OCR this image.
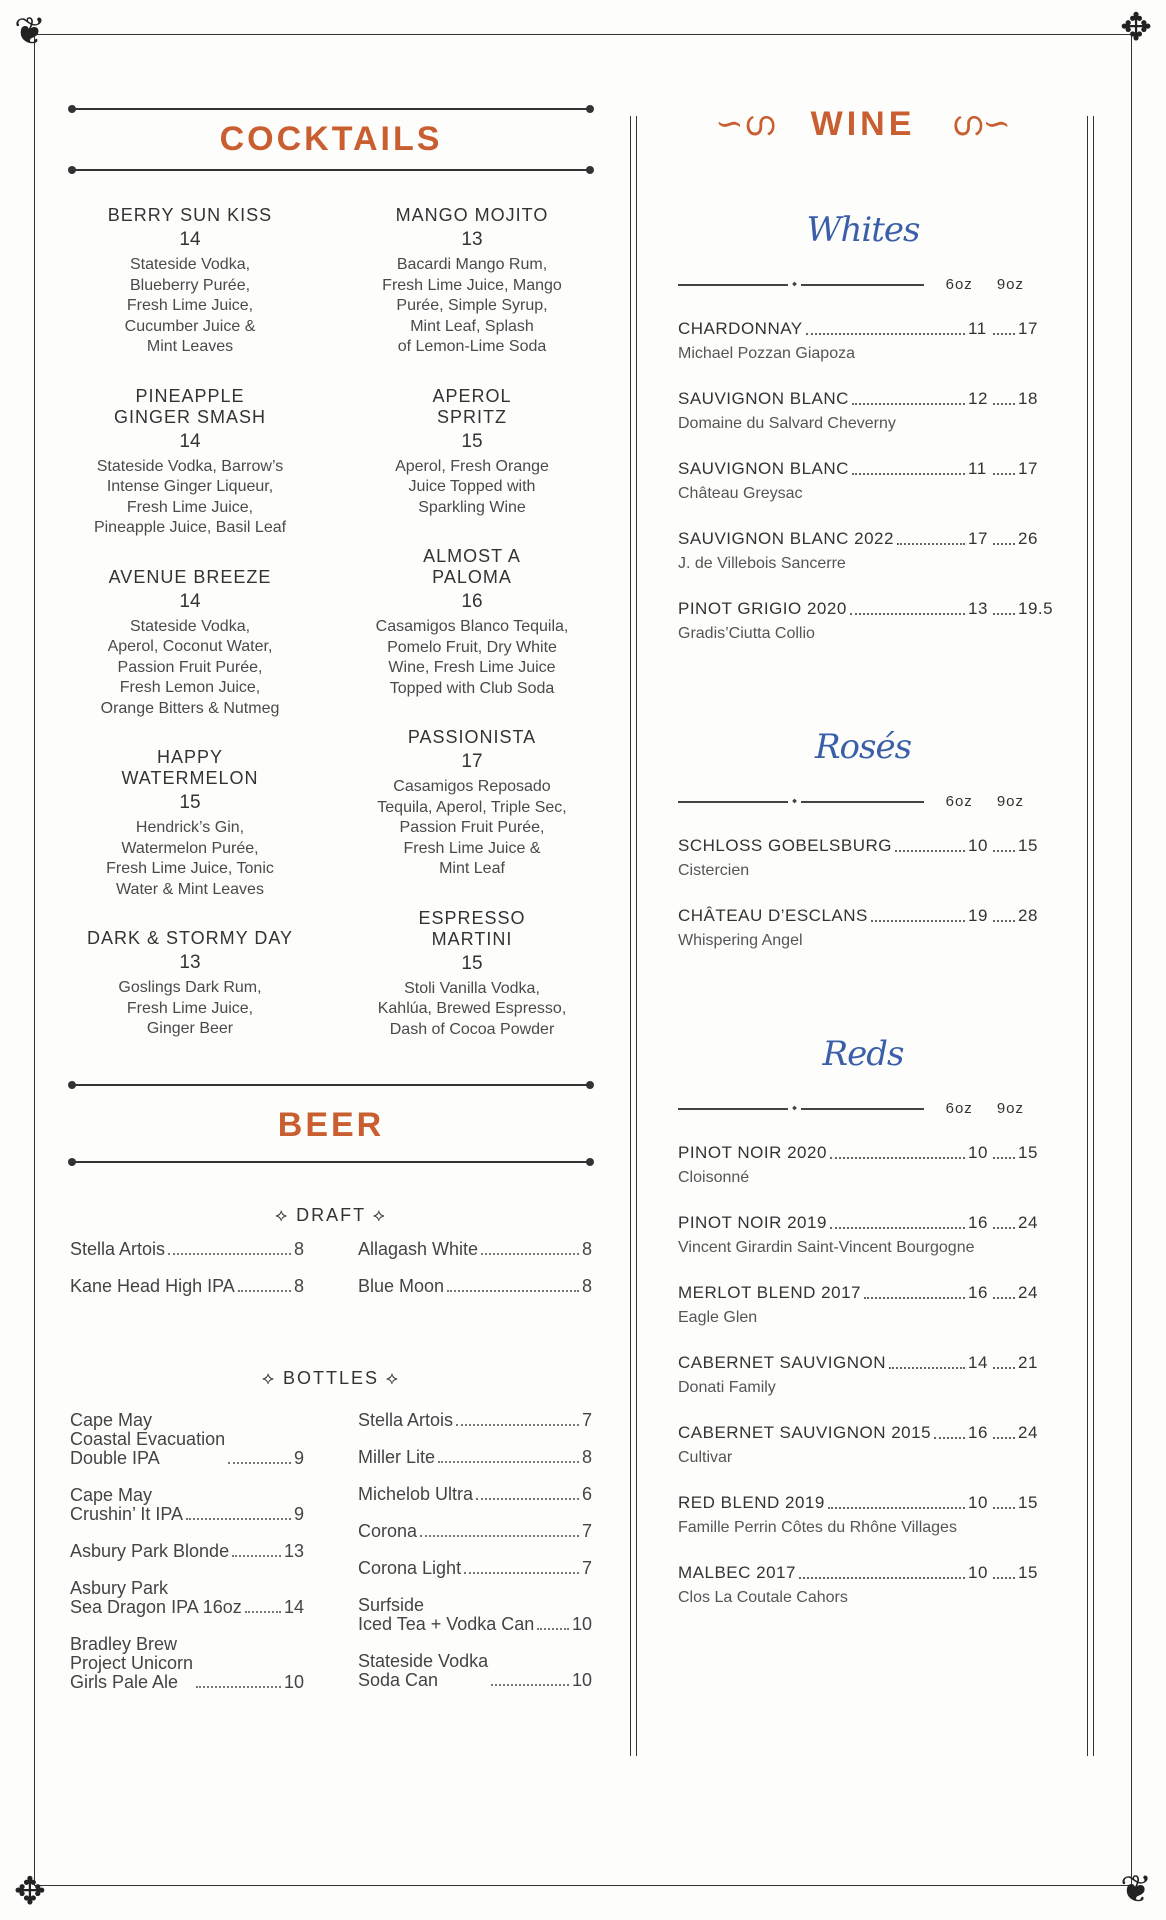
❦	✥
✥	❦
COCKTAILS
BERRY SUN KISS
14
Stateside Vodka,
Blueberry Purée,
Fresh Lime Juice,
Cucumber Juice &
Mint Leaves
PINEAPPLE
GINGER SMASH
14
Stateside Vodka, Barrow’s
Intense Ginger Liqueur,
Fresh Lime Juice,
Pineapple Juice, Basil Leaf
AVENUE BREEZE
14
Stateside Vodka,
Aperol, Coconut Water,
Passion Fruit Purée,
Fresh Lemon Juice,
Orange Bitters & Nutmeg
HAPPY
WATERMELON
15
Hendrick’s Gin,
Watermelon Purée,
Fresh Lime Juice, Tonic
Water & Mint Leaves
DARK & STORMY DAY
13
Goslings Dark Rum,
Fresh Lime Juice,
Ginger Beer
MANGO MOJITO
13
Bacardi Mango Rum,
Fresh Lime Juice, Mango
Purée, Simple Syrup,
Mint Leaf, Splash
of Lemon-Lime Soda
APEROL
SPRITZ
15
Aperol, Fresh Orange
Juice Topped with
Sparkling Wine
ALMOST A
PALOMA
16
Casamigos Blanco Tequila,
Pomelo Fruit, Dry White
Wine, Fresh Lime Juice
Topped with Club Soda
PASSIONISTA
17
Casamigos Reposado
Tequila, Aperol, Triple Sec,
Passion Fruit Purée,
Fresh Lime Juice &
Mint Leaf
ESPRESSO
MARTINI
15
Stoli Vanilla Vodka,
Kahlúa, Brewed Espresso,
Dash of Cocoa Powder
BEER
⟡ DRAFT ⟡
Stella Artois	8
Kane Head High IPA	8
Allagash White	8
Blue Moon	8
⟡ BOTTLES ⟡
Cape May
Coastal Evacuation
Double IPA	9
Cape May
Crushin’ It IPA	9
Asbury Park Blonde	13
Asbury Park
Sea Dragon IPA 16oz 14
Bradley Brew
Project Unicorn
Girls Pale Ale	10
Stella Artois	7
Miller Lite	8
Michelob Ultra	6
Corona	7
Corona Light	7
Surfside
Iced Tea + Vodka Can 10
Stateside Vodka
Soda Can	10
∽ഗ WINE ഗ∽
Whites
⬩
6oz 9oz
CHARDONNAY	11 17
Michael Pozzan Giapoza
SAUVIGNON BLANC	12 18
Domaine du Salvard Cheverny
SAUVIGNON BLANC	11 17
Château Greysac
SAUVIGNON BLANC 2022	17 26
J. de Villebois Sancerre
PINOT GRIGIO 2020	13 19.5
Gradis’Ciutta Collio
Rosés
⬩
6oz 9oz
SCHLOSS GOBELSBURG	10 15
Cistercien
CHÂTEAU D’ESCLANS	19 28
Whispering Angel
Reds
⬩
6oz 9oz
PINOT NOIR 2020	10 15
Cloisonné
PINOT NOIR 2019	16 24
Vincent Girardin Saint-Vincent Bourgogne
MERLOT BLEND 2017	16 24
Eagle Glen
CABERNET SAUVIGNON	14 21
Donati Family
CABERNET SAUVIGNON 2015 16 24
Cultivar
RED BLEND 2019	10 15
Famille Perrin Côtes du Rhône Villages
MALBEC 2017	10 15
Clos La Coutale Cahors
